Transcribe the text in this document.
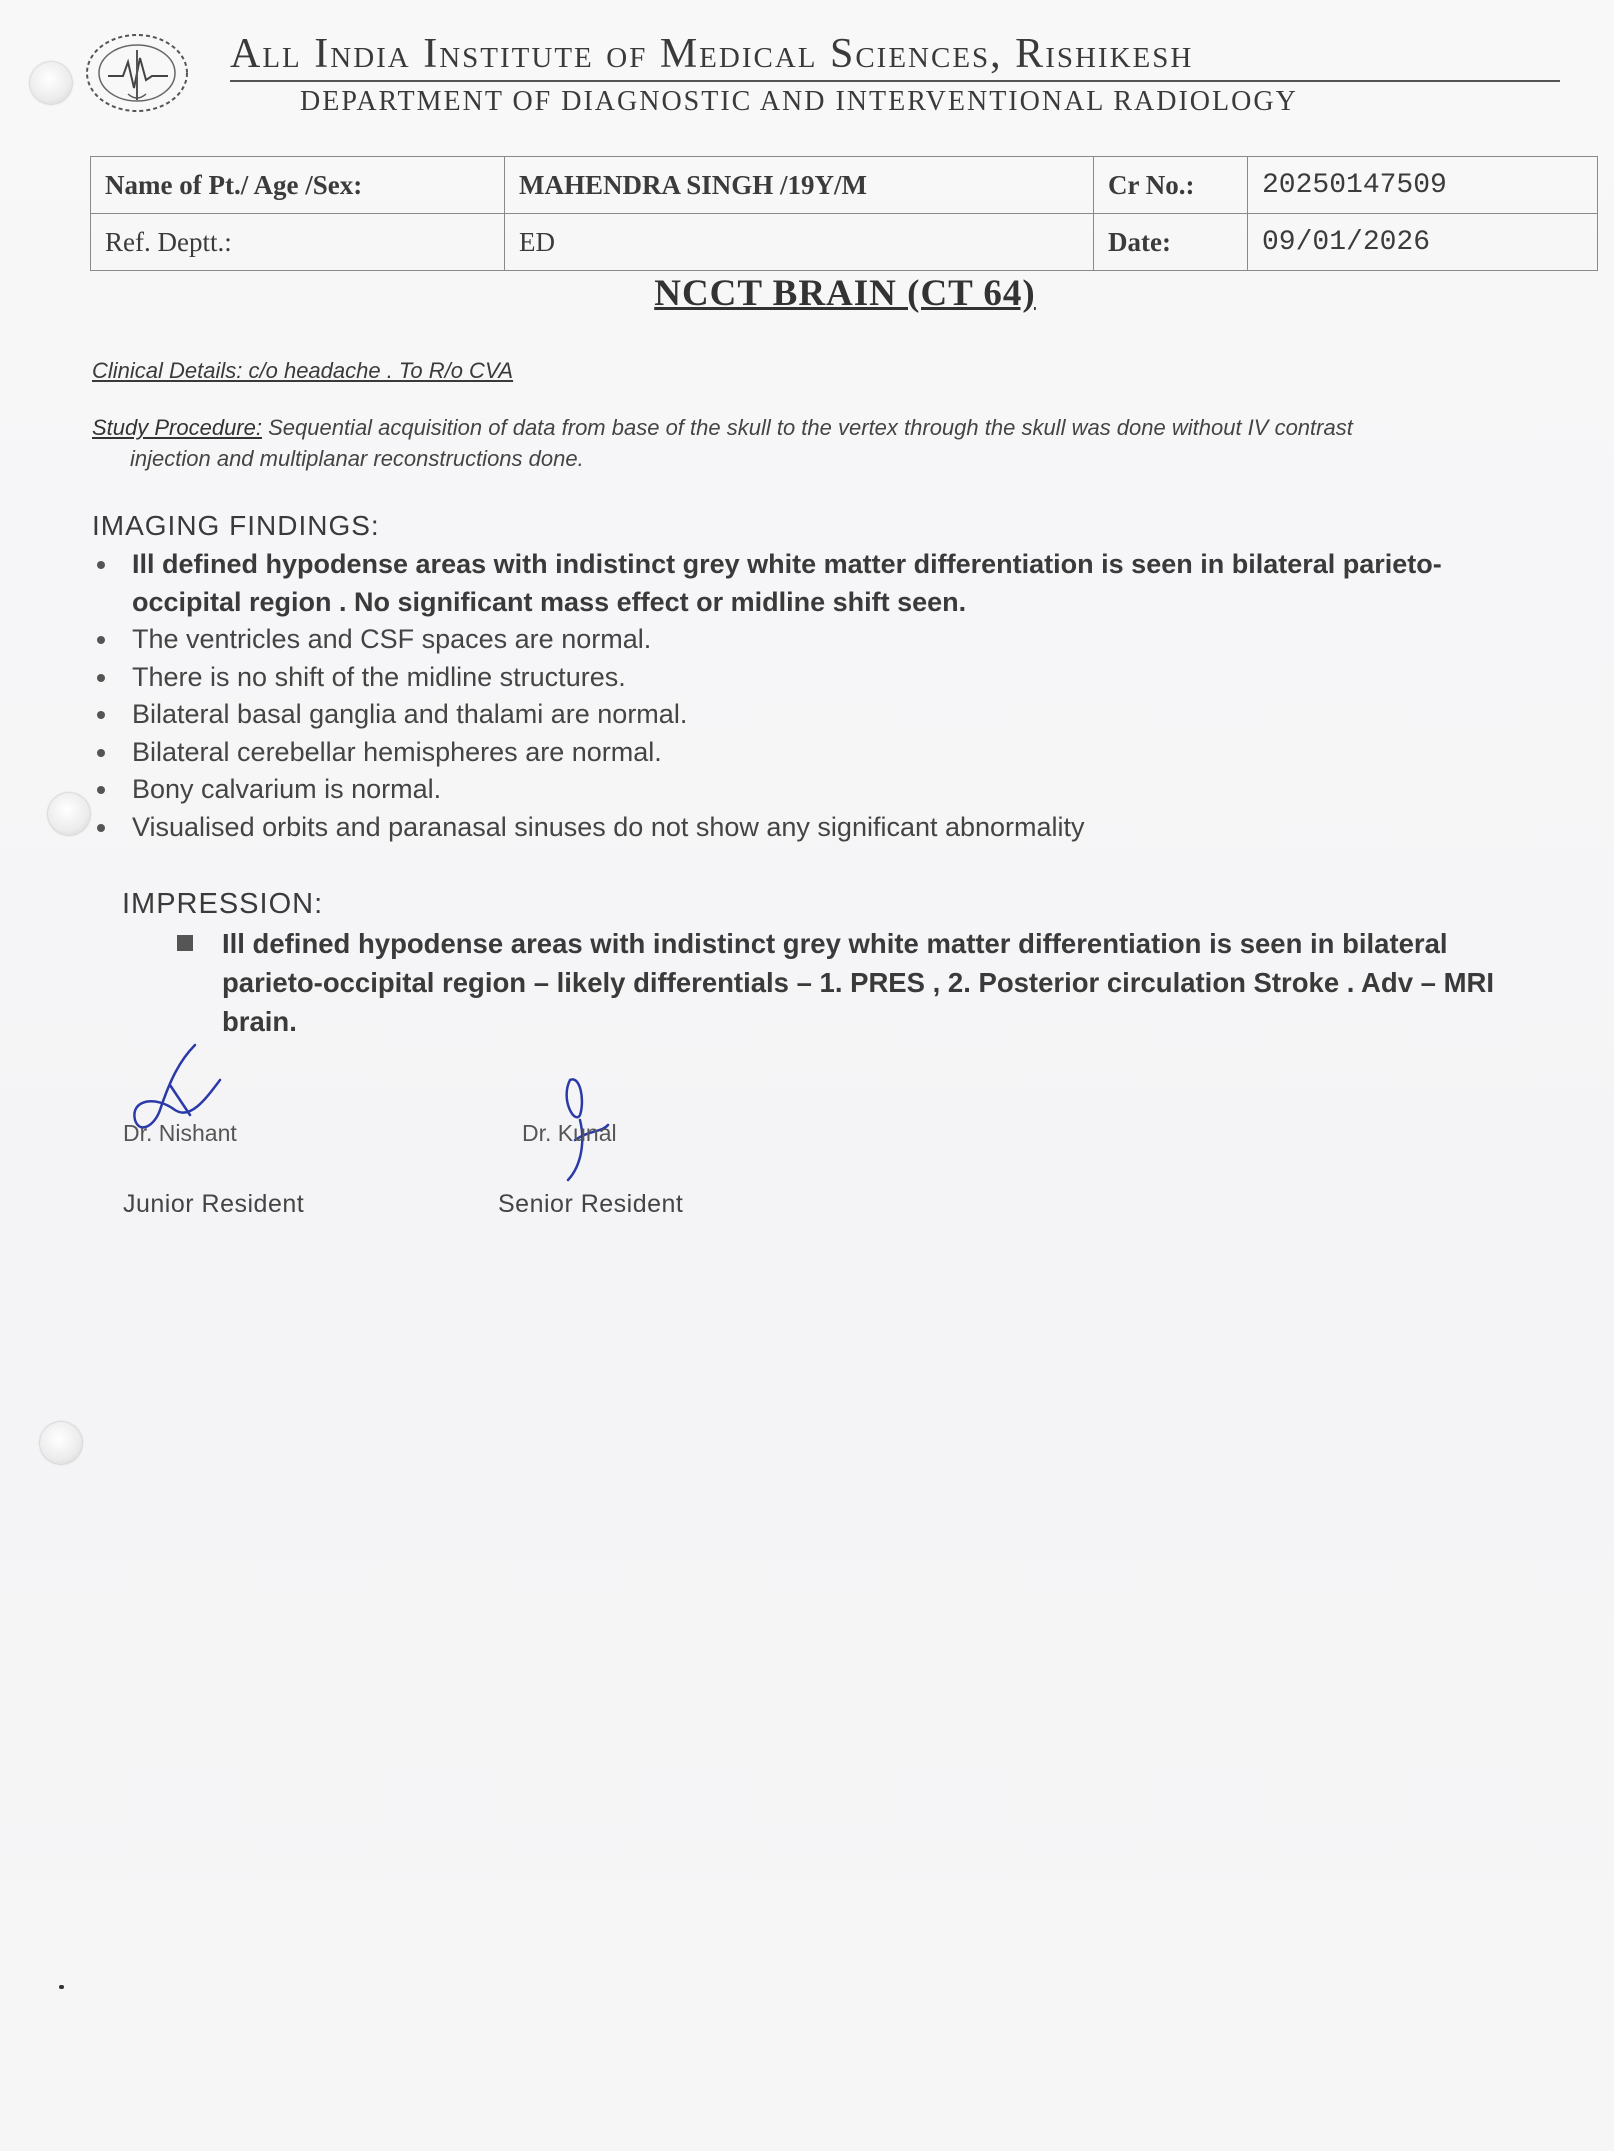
All India Institute of Medical Sciences, Rishikesh
DEPARTMENT OF DIAGNOSTIC AND INTERVENTIONAL RADIOLOGY
Name of Pt./ Age /Sex:	MAHENDRA SINGH /19Y/M	Cr No.:	20250147509
Ref. Deptt.:	ED	Date:	09/01/2026
NCCT BRAIN (CT 64)
Clinical Details: c/o headache . To R/o CVA
Study Procedure: Sequential acquisition of data from base of the skull to the vertex through the skull was done without IV contrast
injection and multiplanar reconstructions done.
IMAGING FINDINGS:
Ill defined hypodense areas with indistinct grey white matter differentiation is seen in bilateral parieto-occipital region . No significant mass effect or midline shift seen.
The ventricles and CSF spaces are normal.
There is no shift of the midline structures.
Bilateral basal ganglia and thalami are normal.
Bilateral cerebellar hemispheres are normal.
Bony calvarium is normal.
Visualised orbits and paranasal sinuses do not show any significant abnormality
IMPRESSION:
Ill defined hypodense areas with indistinct grey white matter differentiation is seen in bilateral parieto-occipital region – likely differentials – 1. PRES , 2. Posterior circulation Stroke . Adv – MRI brain.
Dr. Nishant
Junior Resident
Dr. Kunal
Senior Resident
